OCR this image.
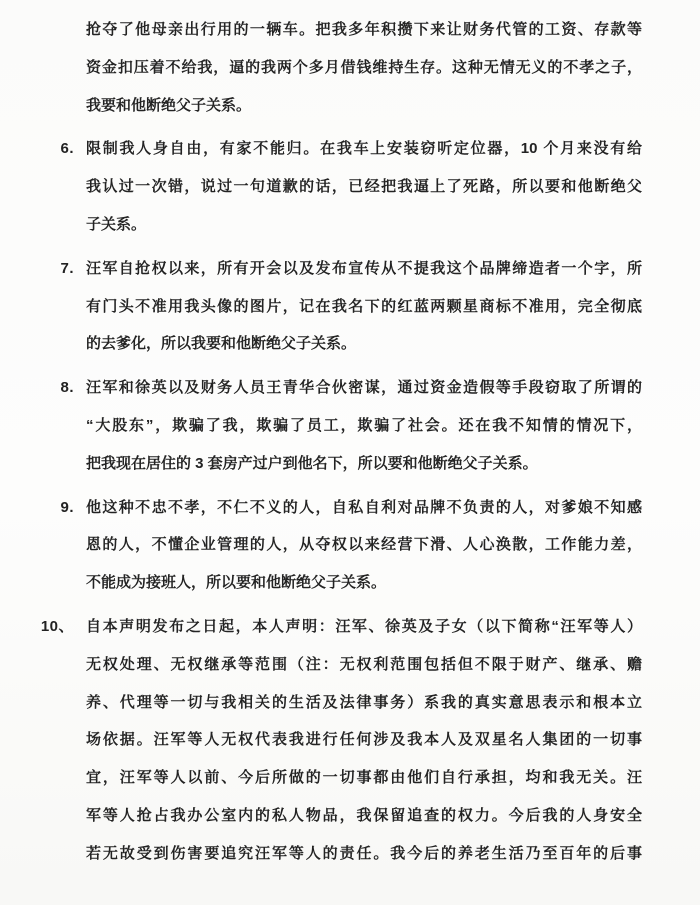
抢夺了他母亲出行用的一辆车。把我多年积攒下来让财务代管的工资、存款等
资金扣压着不给我，逼的我两个多月借钱维持生存。这种无情无义的不孝之子，
我要和他断绝父子关系。
6. 限制我人身自由，有家不能归。在我车上安装窃听定位器，10 个月来没有给
我认过一次错，说过一句道歉的话，已经把我逼上了死路，所以要和他断绝父
子关系。
7. 汪军自抢权以来，所有开会以及发布宣传从不提我这个品牌缔造者一个字，所
有门头不准用我头像的图片，记在我名下的红蓝两颗星商标不准用，完全彻底
的去爹化，所以我要和他断绝父子关系。
8. 汪军和徐英以及财务人员王青华合伙密谋，通过资金造假等手段窃取了所谓的
“大股东”，欺骗了我，欺骗了员工，欺骗了社会。还在我不知情的情况下，
把我现在居住的 3 套房产过户到他名下，所以要和他断绝父子关系。
9. 他这种不忠不孝，不仁不义的人，自私自利对品牌不负责的人，对爹娘不知感
恩的人，不懂企业管理的人，从夺权以来经营下滑、人心涣散，工作能力差，
不能成为接班人，所以要和他断绝父子关系。
10、 自本声明发布之日起，本人声明：汪军、徐英及子女（以下简称“汪军等人）
无权处理、无权继承等范围（注：无权利范围包括但不限于财产、继承、赡
养、代理等一切与我相关的生活及法律事务）系我的真实意思表示和根本立
场依据。汪军等人无权代表我进行任何涉及我本人及双星名人集团的一切事
宜，汪军等人以前、今后所做的一切事都由他们自行承担，均和我无关。汪
军等人抢占我办公室内的私人物品，我保留追查的权力。今后我的人身安全
若无故受到伤害要追究汪军等人的责任。我今后的养老生活乃至百年的后事
